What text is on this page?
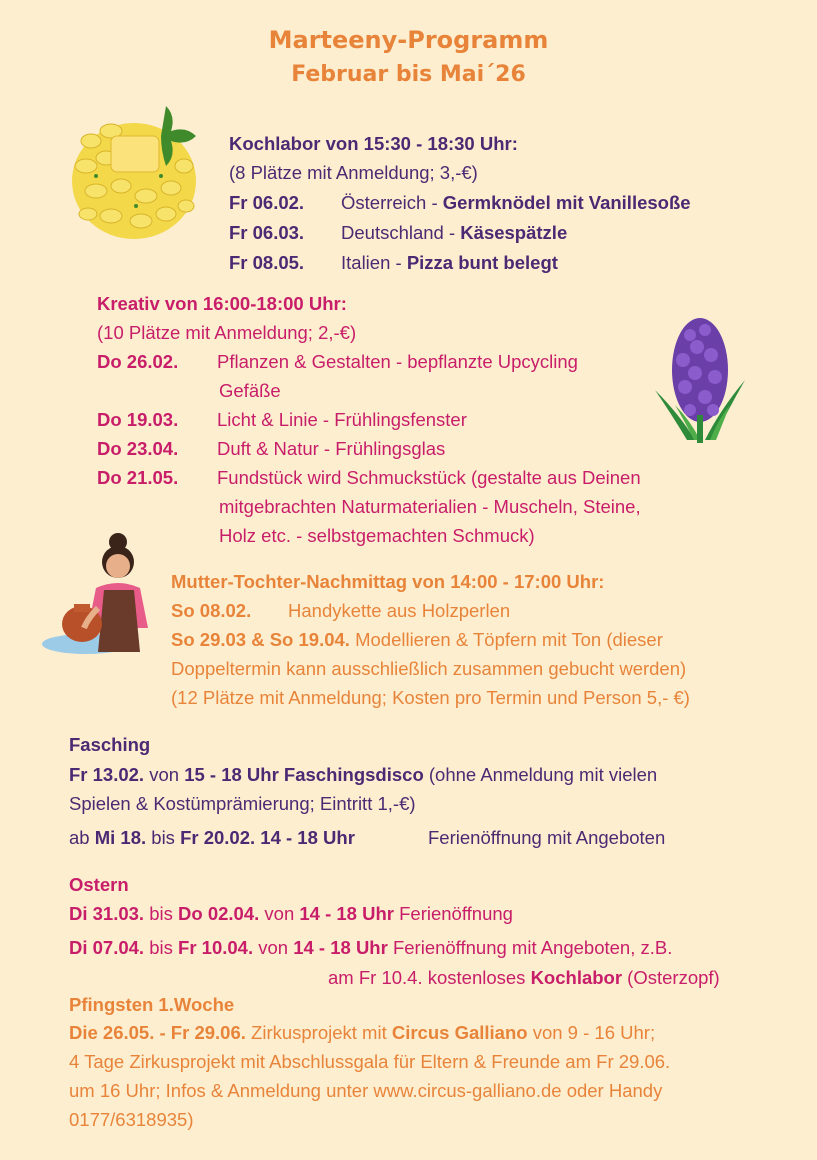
Marteeny-Programm
Februar bis Mai´26
Kochlabor von 15:30 - 18:30 Uhr:
(8 Plätze mit Anmeldung; 3,-€)
Fr 06.02. Österreich - Germknödel mit Vanillesoße
Fr 06.03. Deutschland - Käsespätzle
Fr 08.05. Italien - Pizza bunt belegt
Kreativ von 16:00-18:00 Uhr:
(10 Plätze mit Anmeldung; 2,-€)
Do 26.02. Pflanzen & Gestalten - bepflanzte Upcycling
Gefäße
Do 19.03. Licht & Linie - Frühlingsfenster
Do 23.04. Duft & Natur - Frühlingsglas
Do 21.05. Fundstück wird Schmuckstück (gestalte aus Deinen
mitgebrachten Naturmaterialien - Muscheln, Steine,
Holz etc. - selbstgemachten Schmuck)
Mutter-Tochter-Nachmittag von 14:00 - 17:00 Uhr:
So 08.02. Handykette aus Holzperlen
So 29.03 & So 19.04. Modellieren & Töpfern mit Ton (dieser
Doppeltermin kann ausschließlich zusammen gebucht werden)
(12 Plätze mit Anmeldung; Kosten pro Termin und Person 5,- €)
Fasching
Fr 13.02. von 15 - 18 Uhr Faschingsdisco (ohne Anmeldung mit vielen
Spielen & Kostümprämierung; Eintritt 1,-€)
ab Mi 18. bis Fr 20.02. 14 - 18 Uhr	Ferienöffnung mit Angeboten
Ostern
Di 31.03. bis Do 02.04. von 14 - 18 Uhr Ferienöffnung
Di 07.04. bis Fr 10.04. von 14 - 18 Uhr Ferienöffnung mit Angeboten, z.B.
am Fr 10.4. kostenloses Kochlabor (Osterzopf)
Pfingsten 1.Woche
Die 26.05. - Fr 29.06. Zirkusprojekt mit Circus Galliano von 9 - 16 Uhr;
4 Tage Zirkusprojekt mit Abschlussgala für Eltern & Freunde am Fr 29.06.
um 16 Uhr; Infos & Anmeldung unter www.circus-galliano.de oder Handy
0177/6318935)
